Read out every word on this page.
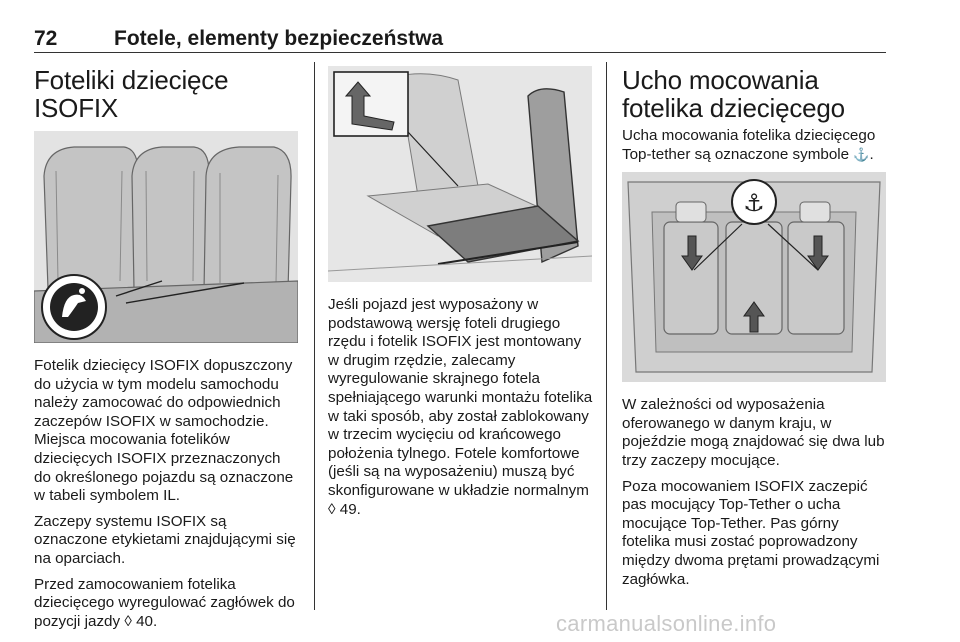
72	Fotele, elementy bezpieczeństwa
Foteliki dziecięce ISOFIX

Fotelik dziecięcy ISOFIX dopuszczony do użycia w tym modelu samochodu należy zamocować do odpowiednich zaczepów ISOFIX w samochodzie. Miejsca mocowania fotelików dziecięcych ISOFIX przeznaczonych do określonego pojazdu są oznaczone w tabeli symbolem IL.

Zaczepy systemu ISOFIX są oznaczone etykietami znajdującymi się na oparciach.

Przed zamocowaniem fotelika dziecięcego wyregulować zagłówek do pozycji jazdy ◊ 40.

Jeśli pojazd jest wyposażony w podstawową wersję foteli drugiego rzędu i fotelik ISOFIX jest montowany w drugim rzędzie, zalecamy wyregulowanie skrajnego fotela spełniającego warunki montażu fotelika w taki sposób, aby został zablokowany w trzecim wycięciu od krańcowego położenia tylnego. Fotele komfortowe (jeśli są na wyposażeniu) muszą być skonfigurowane w układzie normalnym ◊ 49.

Ucho mocowania fotelika dziecięcego

Ucha mocowania fotelika dziecięcego Top-tether są oznaczone symbole ⚓.

⚓

W zależności od wyposażenia oferowanego w danym kraju, w pojeździe mogą znajdować się dwa lub trzy zaczepy mocujące.

Poza mocowaniem ISOFIX zaczepić pas mocujący Top-Tether o ucha mocujące Top-Tether. Pas górny fotelika musi zostać poprowadzony między dwoma prętami prowadzącymi zagłówka.

carmanualsonline.info
